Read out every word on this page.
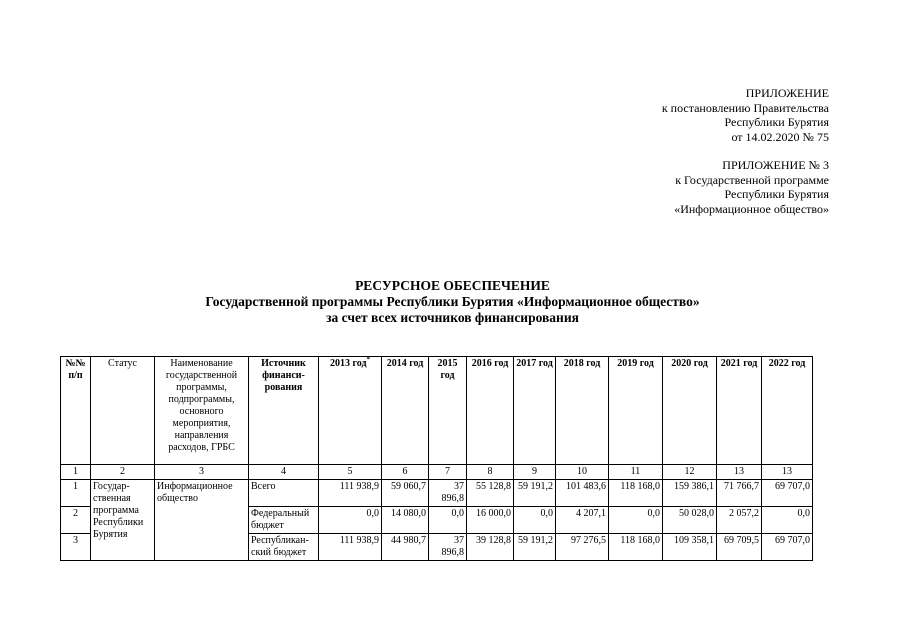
ПРИЛОЖЕНИЕ
к постановлению Правительства
Республики Бурятия
от 14.02.2020 № 75
ПРИЛОЖЕНИЕ № 3
к Государственной программе
Республики Бурятия
«Информационное общество»
РЕСУРСНОЕ ОБЕСПЕЧЕНИЕ
Государственной программы Республики Бурятия «Информационное общество»
за счет всех источников финансирования
№№ п/п	Статус	Наименование государственной программы, подпрограммы, основного мероприятия, направления расходов, ГРБС	Источник финанси-рования	2013 год*	2014 год	2015 год	2016 год	2017 год	2018 год	2019 год	2020 год	2021 год	2022 год
1	2	3	4	5	6	7	8	9	10	11	12	13	13
1	Государ-ственная программа Республики Бурятия	Информационное общество	Всего	111 938,9	59 060,7	37 896,8	55 128,8	59 191,2	101 483,6	118 168,0	159 386,1	71 766,7	69 707,0
2			Федеральный бюджет	0,0	14 080,0	0,0	16 000,0	0,0	4 207,1	0,0	50 028,0	2 057,2	0,0
3			Республикан-ский бюджет	111 938,9	44 980,7	37 896,8	39 128,8	59 191,2	97 276,5	118 168,0	109 358,1	69 709,5	69 707,0
